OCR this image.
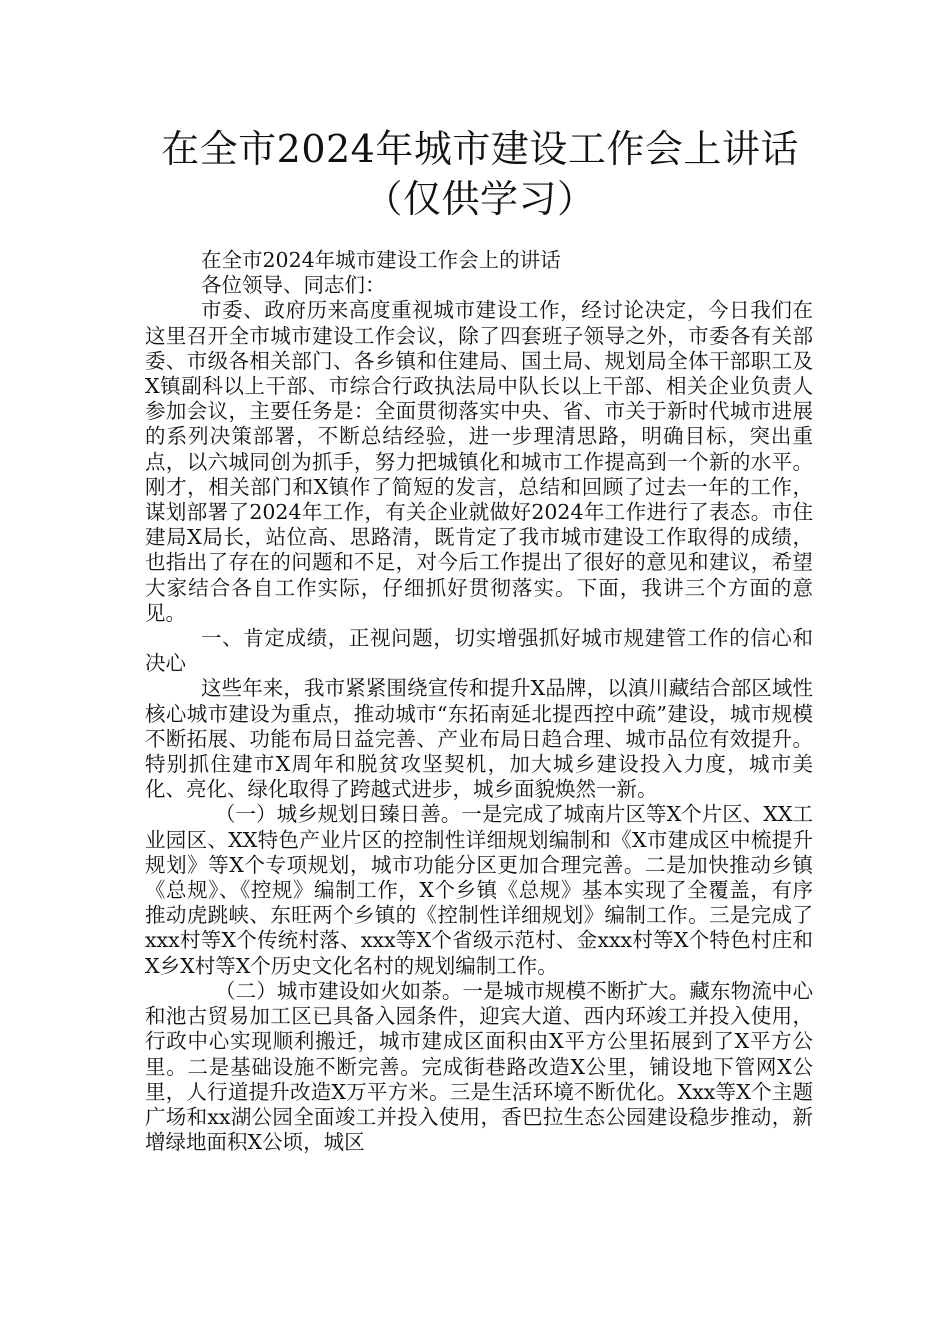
在全市2024年城市建设工作会上讲话（仅供学习）

在全市2024年城市建设工作会上的讲话

各位领导、同志们：

市委、政府历来高度重视城市建设工作，经讨论决定，今日我们在这里召开全市城市建设工作会议，除了四套班子领导之外，市委各有关部委、市级各相关部门、各乡镇和住建局、国土局、规划局全体干部职工及X镇副科以上干部、市综合行政执法局中队长以上干部、相关企业负责人参加会议，主要任务是：全面贯彻落实中央、省、市关于新时代城市进展的系列决策部署，不断总结经验，进一步理清思路，明确目标，突出重点，以六城同创为抓手，努力把城镇化和城市工作提高到一个新的水平。刚才，相关部门和X镇作了简短的发言，总结和回顾了过去一年的工作，谋划部署了2024年工作，有关企业就做好2024年工作进行了表态。市住建局X局长，站位高、思路清，既肯定了我市城市建设工作取得的成绩，也指出了存在的问题和不足，对今后工作提出了很好的意见和建议，希望大家结合各自工作实际，仔细抓好贯彻落实。下面，我讲三个方面的意见。

一、肯定成绩，正视问题，切实增强抓好城市规建管工作的信心和决心

这些年来，我市紧紧围绕宣传和提升X品牌，以滇川藏结合部区域性核心城市建设为重点，推动城市“东拓南延北提西控中疏”建设，城市规模不断拓展、功能布局日益完善、产业布局日趋合理、城市品位有效提升。特别抓住建市X周年和脱贫攻坚契机，加大城乡建设投入力度，城市美化、亮化、绿化取得了跨越式进步，城乡面貌焕然一新。

（一）城乡规划日臻日善。一是完成了城南片区等X个片区、XX工业园区、XX特色产业片区的控制性详细规划编制和《X市建成区中梳提升规划》等X个专项规划，城市功能分区更加合理完善。二是加快推动乡镇《总规》、《控规》编制工作，X个乡镇《总规》基本实现了全覆盖，有序推动虎跳峡、东旺两个乡镇的《控制性详细规划》编制工作。三是完成了xxx村等X个传统村落、xxx等X个省级示范村、金xxx村等X个特色村庄和X乡X村等X个历史文化名村的规划编制工作。

（二）城市建设如火如荼。一是城市规模不断扩大。藏东物流中心和池古贸易加工区已具备入园条件，迎宾大道、西内环竣工并投入使用，行政中心实现顺利搬迁，城市建成区面积由X平方公里拓展到了X平方公里。二是基础设施不断完善。完成街巷路改造X公里，铺设地下管网X公里，人行道提升改造X万平方米。三是生活环境不断优化。Xxx等X个主题广场和xx湖公园全面竣工并投入使用，香巴拉生态公园建设稳步推动，新增绿地面积X公顷，城区
